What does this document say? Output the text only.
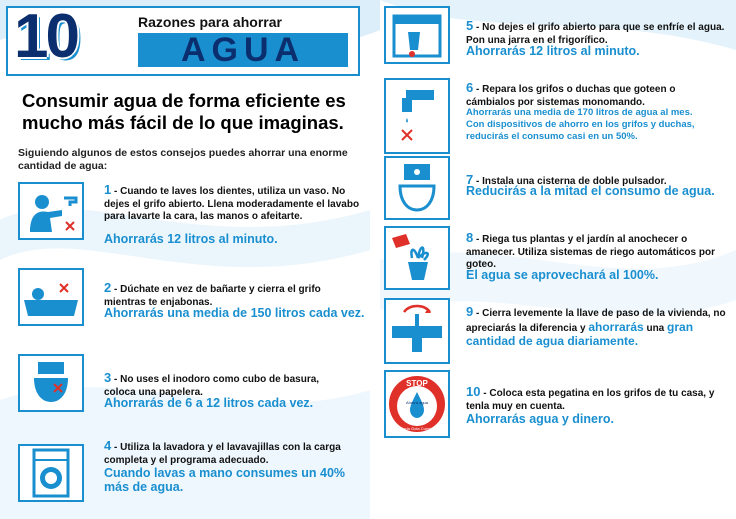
10	Razones para ahorrar
AGUA
Consumir agua de forma eficiente es mucho más fácil de lo que imaginas.
Siguiendo algunos de estos consejos puedes ahorrar una enorme cantidad de agua:
1 - Cuando te laves los dientes, utiliza un vaso. No dejes el grifo abierto. Llena moderadamente el lavabo para lavarte la cara, las manos o afeitarte.
Ahorrarás 12 litros al minuto.
2 - Dúchate en vez de bañarte y cierra el grifo mientras te enjabonas.
Ahorrarás una media de 150 litros cada vez.
3 - No uses el inodoro como cubo de basura, coloca una papelera.
Ahorrarás de 6 a 12 litros cada vez.
4 - Utiliza la lavadora y el lavavajillas con la carga completa y el programa adecuado.
Cuando lavas a mano consumes un 40% más de agua.
5 - No dejes el grifo abierto para que se enfríe el agua. Pon una jarra en el frigorífico.
Ahorrarás 12 litros al minuto.
6 - Repara los grifos o duchas que goteen o cámbialos por sistemas monomando.
Ahorrarás una media de 170 litros de agua al mes.
Con dispositivos de ahorro en los grifos y duchas,
reducirás el consumo casi en un 50%.
7 - Instala una cisterna de doble pulsador.
Reducirás a la mitad el consumo de agua.
8 - Riega tus plantas y el jardín al anochecer o amanecer. Utiliza sistemas de riego automáticos por goteo.
El agua se aprovechará al 100%.
9 - Cierra levemente la llave de paso de la vivienda, no apreciarás la diferencia y ahorrarás una gran cantidad de agua diariamente.
STOP
Ahorra agua
Cada Gota Cuenta
10 - Coloca esta pegatina en los grifos de tu casa, y tenla muy en cuenta.
Ahorrarás agua y dinero.
